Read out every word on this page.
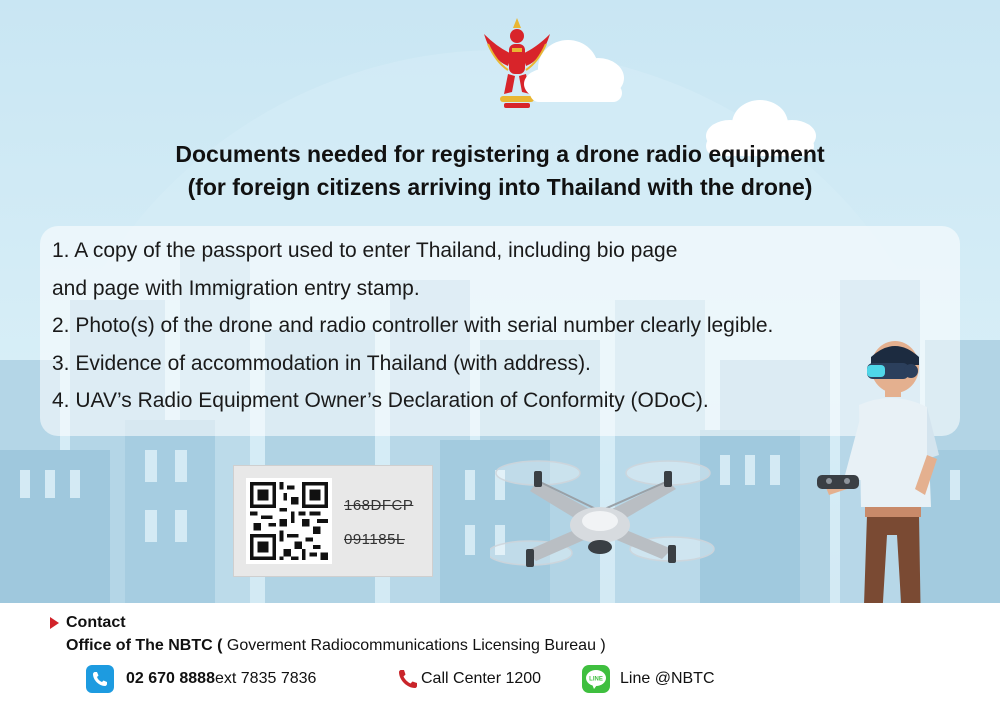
Documents needed for registering a drone radio equipment
(for foreign citizens arriving into Thailand with the drone)
1. A copy of the passport used to enter Thailand, including bio page
and page with Immigration entry stamp.
2. Photo(s) of the drone and radio controller with serial number clearly legible.
3. Evidence of accommodation in Thailand (with address).
4. UAV’s Radio Equipment Owner’s Declaration of Conformity (ODoC).
168DFCP
091185L
Contact
Office of The NBTC ( Goverment Radiocommunications Licensing Bureau )
02 670 8888 ext 7835 7836	Call Center 1200	LINE Line @NBTC
